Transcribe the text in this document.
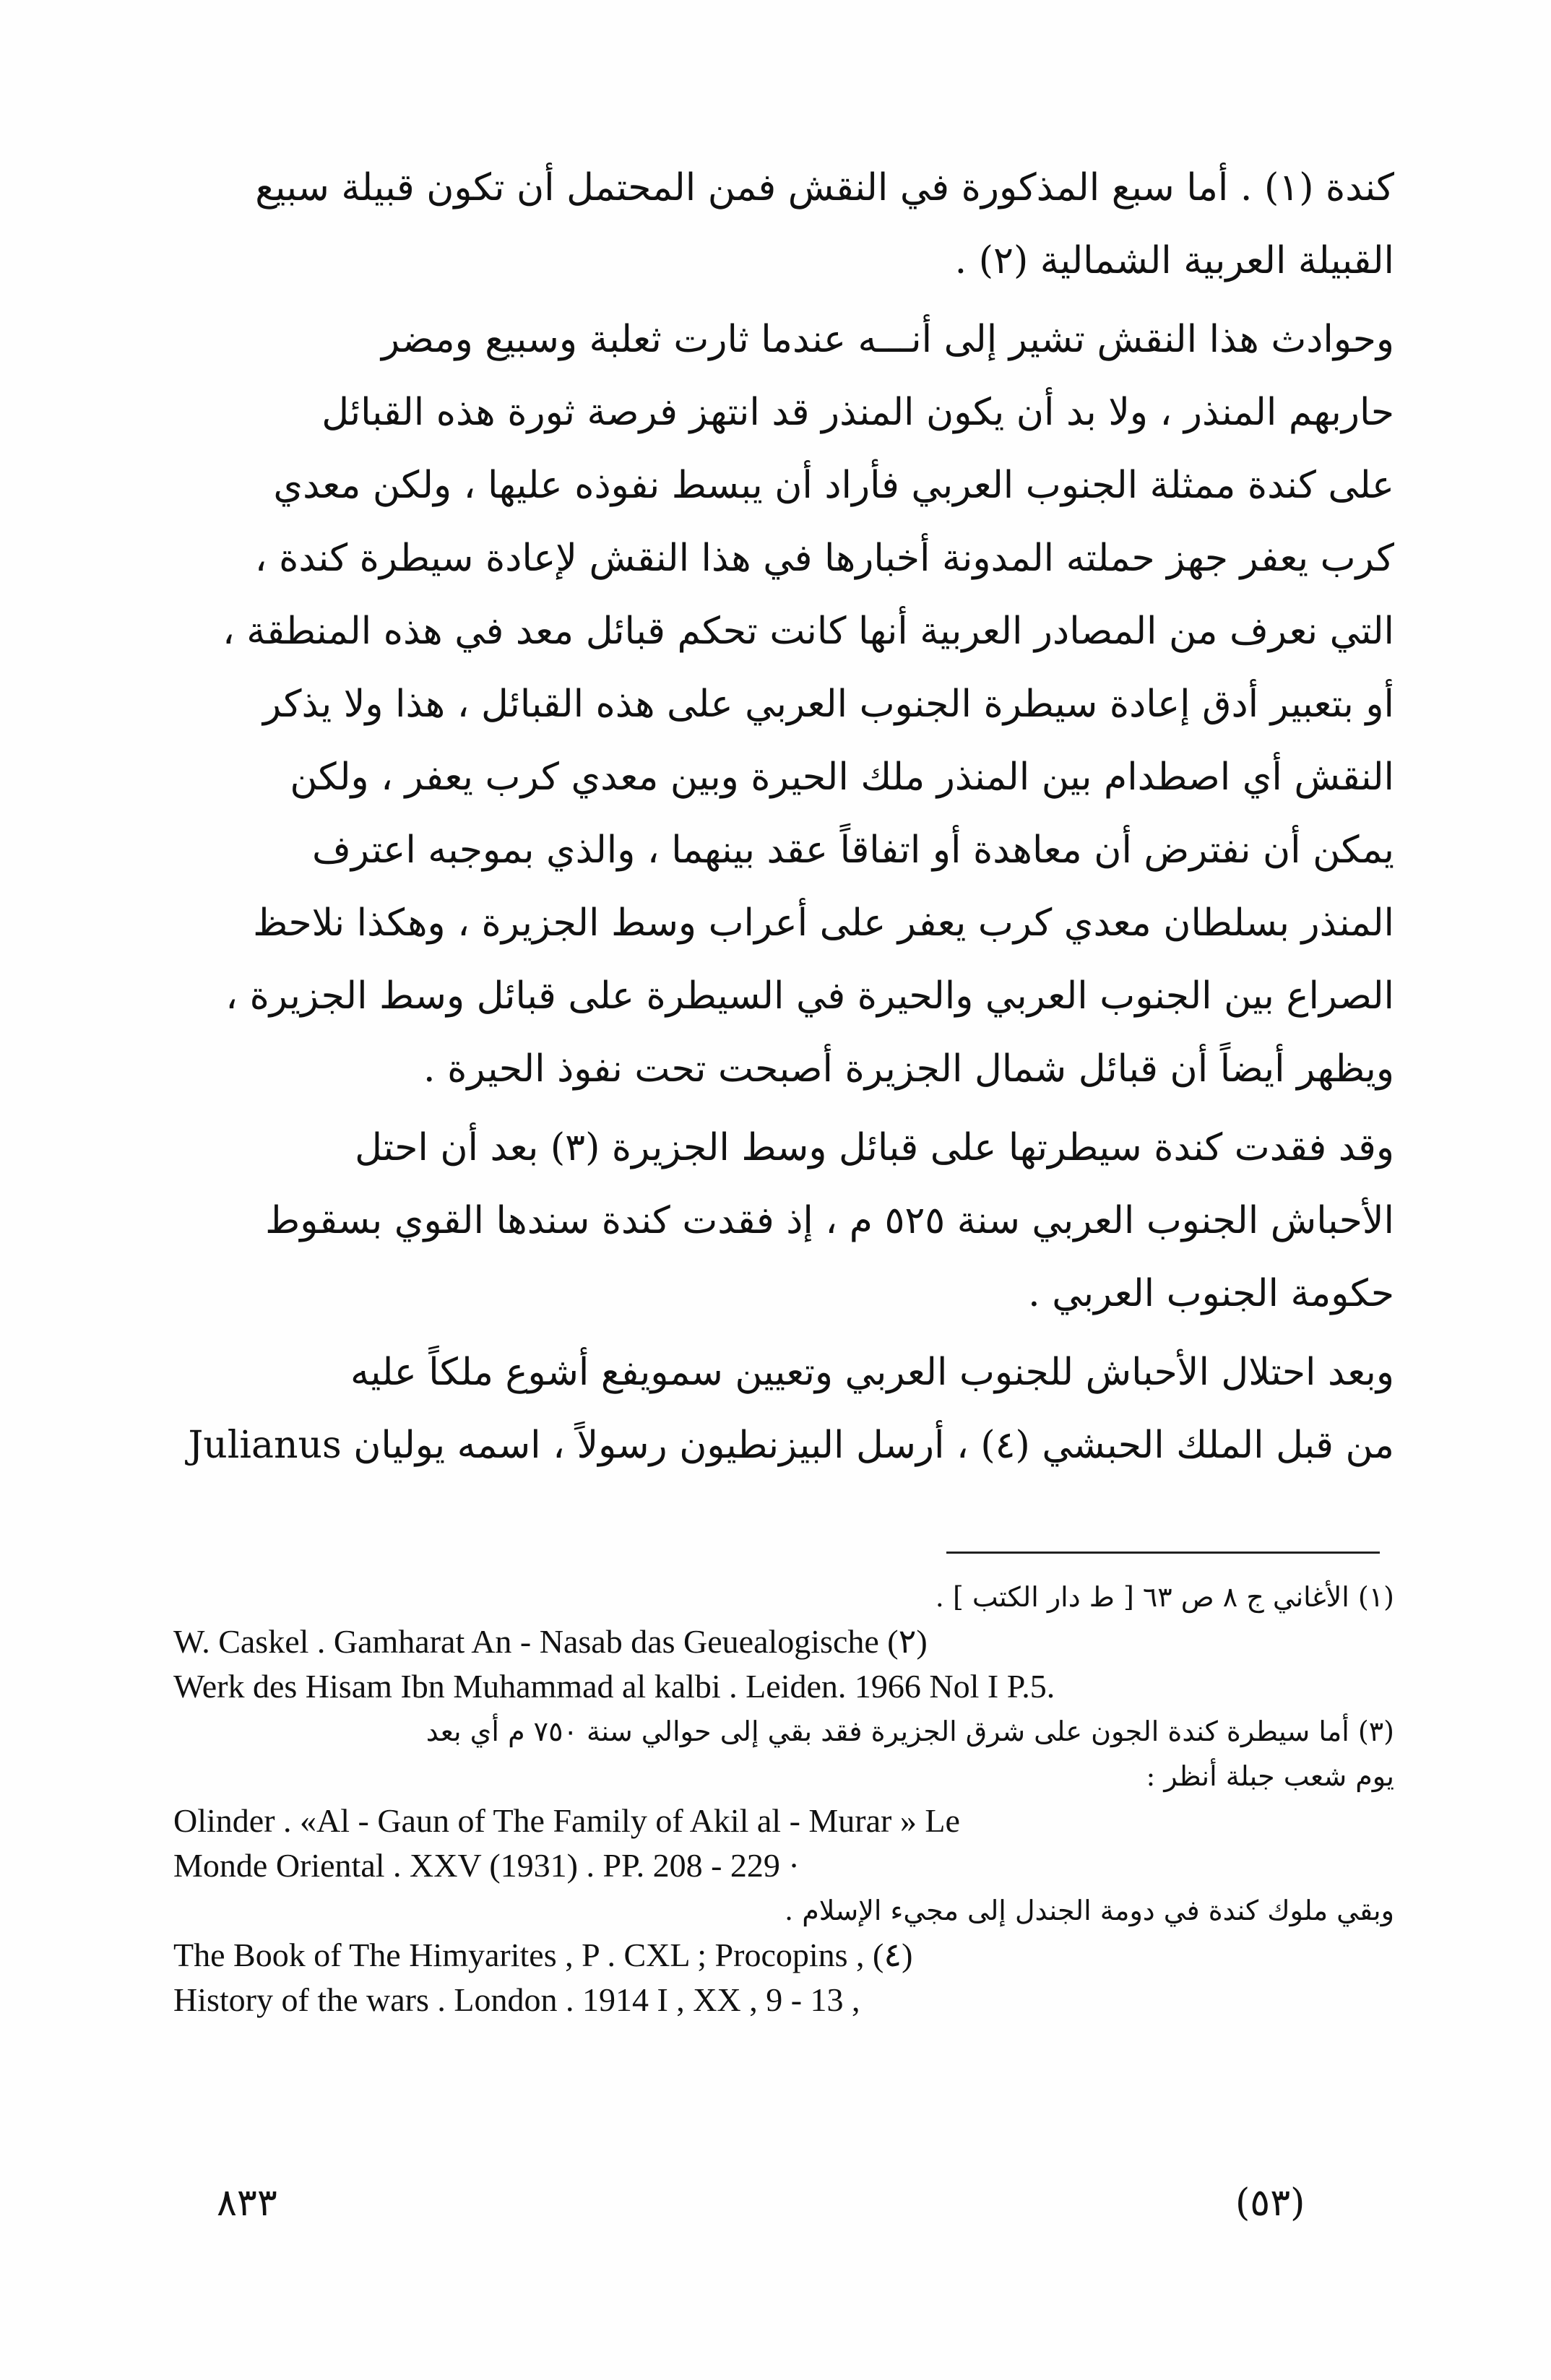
كندة (١) . أما سبع المذكورة في النقش فمن المحتمل أن تكون قبيلة سبيع
القبيلة العربية الشمالية (٢) .
وحوادث هذا النقش تشير إلى أنـــه عندما ثارت ثعلبة وسبيع ومضر
حاربهم المنذر ، ولا بد أن يكون المنذر قد انتهز فرصة ثورة هذه القبائل
على كندة ممثلة الجنوب العربي فأراد أن يبسط نفوذه عليها ، ولكن معدي
كرب يعفر جهز حملته المدونة أخبارها في هذا النقش لإعادة سيطرة كندة ،
التي نعرف من المصادر العربية أنها كانت تحكم قبائل معد في هذه المنطقة ،
أو بتعبير أدق إعادة سيطرة الجنوب العربي على هذه القبائل ، هذا ولا يذكر
النقش أي اصطدام بين المنذر ملك الحيرة وبين معدي كرب يعفر ، ولكن
يمكن أن نفترض أن معاهدة أو اتفاقاً عقد بينهما ، والذي بموجبه اعترف
المنذر بسلطان معدي كرب يعفر على أعراب وسط الجزيرة ، وهكذا نلاحظ
الصراع بين الجنوب العربي والحيرة في السيطرة على قبائل وسط الجزيرة ،
ويظهر أيضاً أن قبائل شمال الجزيرة أصبحت تحت نفوذ الحيرة .
وقد فقدت كندة سيطرتها على قبائل وسط الجزيرة (٣) بعد أن احتل
الأحباش الجنوب العربي سنة ٥٢٥ م ، إذ فقدت كندة سندها القوي بسقوط
حكومة الجنوب العربي .
وبعد احتلال الأحباش للجنوب العربي وتعيين سمويفع أشوع ملكاً عليه
من قبل الملك الحبشي (٤) ، أرسل البيزنطيون رسولاً ، اسمه يوليان Julianus
(١) الأغاني ج ٨ ص ٦٣ [ ط دار الكتب ] .
W. Caskel . Gamharat An - Nasab das Geuealogische (٢)
Werk des Hisam Ibn Muhammad al kalbi . Leiden. 1966 Nol I P.5.
(٣) أما سيطرة كندة الجون على شرق الجزيرة فقد بقي إلى حوالي سنة ٧٥٠ م أي بعد
يوم شعب جبلة أنظر :
Olinder . «Al - Gaun of The Family of Akil al - Murar » Le
Monde Oriental . XXV (1931) . PP. 208 - 229 ·
وبقي ملوك كندة في دومة الجندل إلى مجيء الإسلام .
The Book of The Himyarites , P . CXL ; Procopins , (٤)
History of the wars . London . 1914 I , XX , 9 - 13 ,
٨٣٣	(٥٣)
